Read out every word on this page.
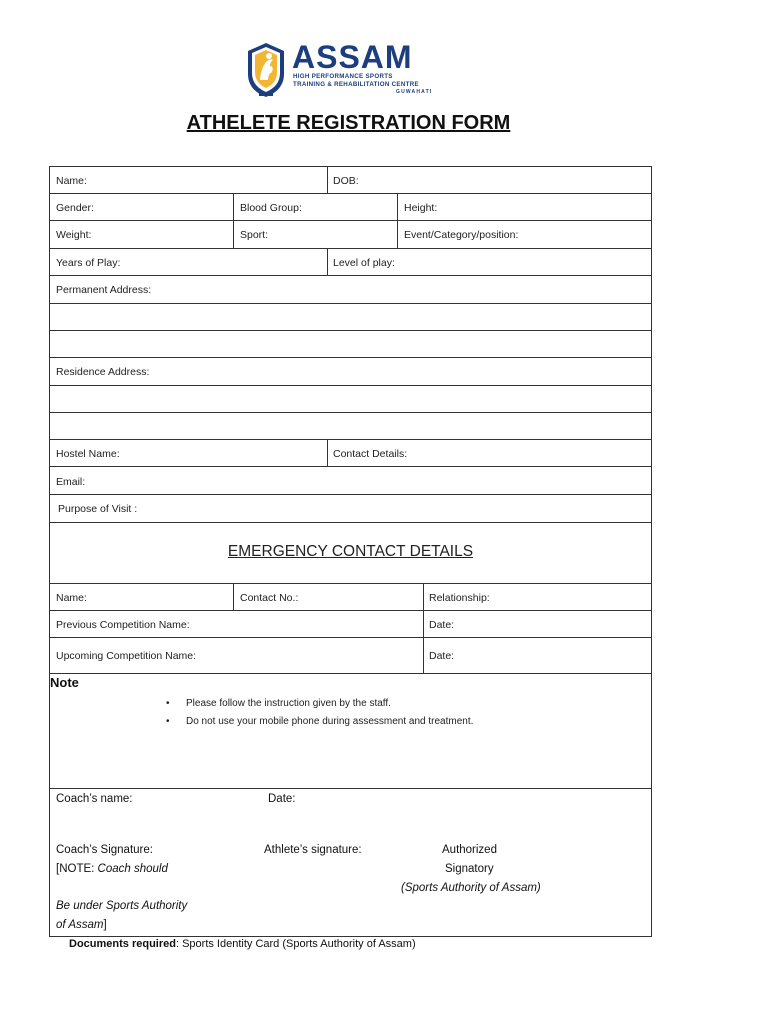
ASSAM
HIGH PERFORMANCE SPORTS
TRAINING & REHABILITATION CENTRE
GUWAHATI
ATHELETE REGISTRATION FORM
Name:	DOB:
Gender:	Blood Group:	Height:
Weight:	Sport:	Event/Category/position:
Years of Play:	Level of play:
Permanent Address:
Residence Address:
Hostel Name:	Contact Details:
Email:
Purpose of Visit :
EMERGENCY CONTACT DETAILS
Name:	Contact No.:	Relationship:
Previous Competition Name:	Date:
Upcoming Competition Name:	Date:
Note
• Please follow the instruction given by the staff.
• Do not use your mobile phone during assessment and treatment.
Coach’s name:	Date:
Coach’s Signature:	Athlete’s signature:	Authorized
[NOTE: Coach should	Signatory
(Sports Authority of Assam)
Be under Sports Authority
of Assam]
Documents required: Sports Identity Card (Sports Authority of Assam)
